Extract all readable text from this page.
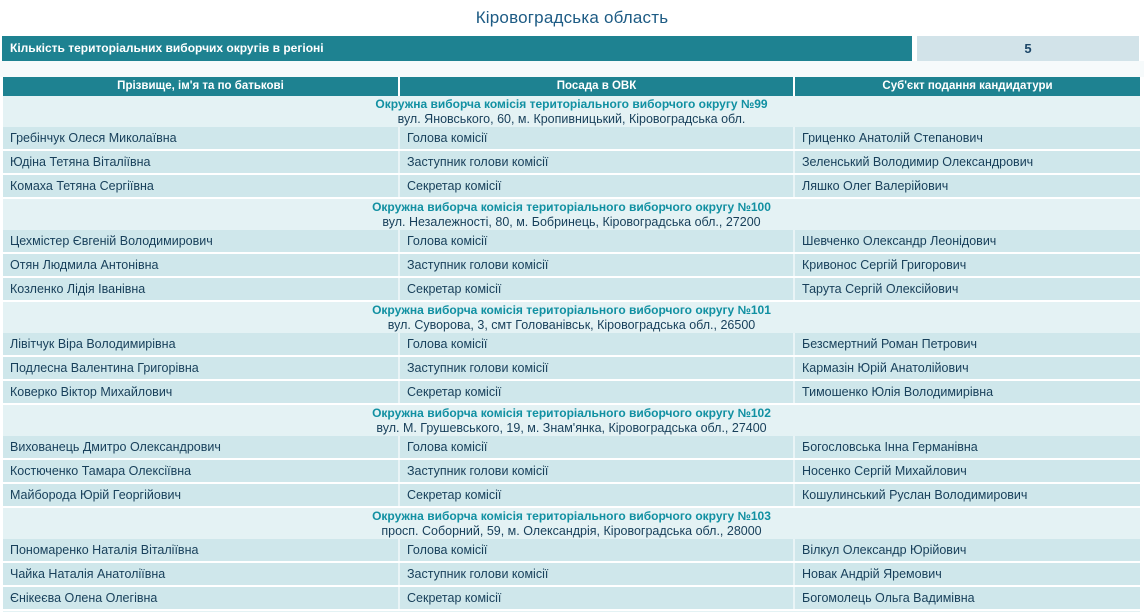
Кіровоградська область
Кількість територіальних виборчих округів в регіоні	5
Прізвище, ім'я та по батькові	Посада в ОВК	Суб'єкт подання кандидатури
Окружна виборча комісія територіального виборчого округу №99
вул. Яновського, 60, м. Кропивницький, Кіровоградська обл.
Гребінчук Олеся Миколаївна	Голова комісії	Гриценко Анатолій Степанович
Юдіна Тетяна Віталіївна	Заступник голови комісії	Зеленський Володимир Олександрович
Комаха Тетяна Сергіївна	Секретар комісії	Ляшко Олег Валерійович
Окружна виборча комісія територіального виборчого округу №100
вул. Незалежності, 80, м. Бобринець, Кіровоградська обл., 27200
Цехмістер Євгеній Володимирович	Голова комісії	Шевченко Олександр Леонідович
Отян Людмила Антонівна	Заступник голови комісії	Кривонос Сергій Григорович
Козленко Лідія Іванівна	Секретар комісії	Тарута Сергій Олексійович
Окружна виборча комісія територіального виборчого округу №101
вул. Суворова, 3, смт Голованівськ, Кіровоградська обл., 26500
Лівітчук Віра Володимирівна	Голова комісії	Безсмертний Роман Петрович
Подлесна Валентина Григорівна	Заступник голови комісії	Кармазін Юрій Анатолійович
Коверко Віктор Михайлович	Секретар комісії	Тимошенко Юлія Володимирівна
Окружна виборча комісія територіального виборчого округу №102
вул. М. Грушевського, 19, м. Знам'янка, Кіровоградська обл., 27400
Вихованець Дмитро Олександрович	Голова комісії	Богословська Інна Германівна
Костюченко Тамара Олексіївна	Заступник голови комісії	Носенко Сергій Михайлович
Майборода Юрій Георгійович	Секретар комісії	Кошулинський Руслан Володимирович
Окружна виборча комісія територіального виборчого округу №103
просп. Соборний, 59, м. Олександрія, Кіровоградська обл., 28000
Пономаренко Наталія Віталіївна	Голова комісії	Вілкул Олександр Юрійович
Чайка Наталія Анатоліївна	Заступник голови комісії	Новак Андрій Яремович
Єнікеєва Олена Олегівна	Секретар комісії	Богомолець Ольга Вадимівна
